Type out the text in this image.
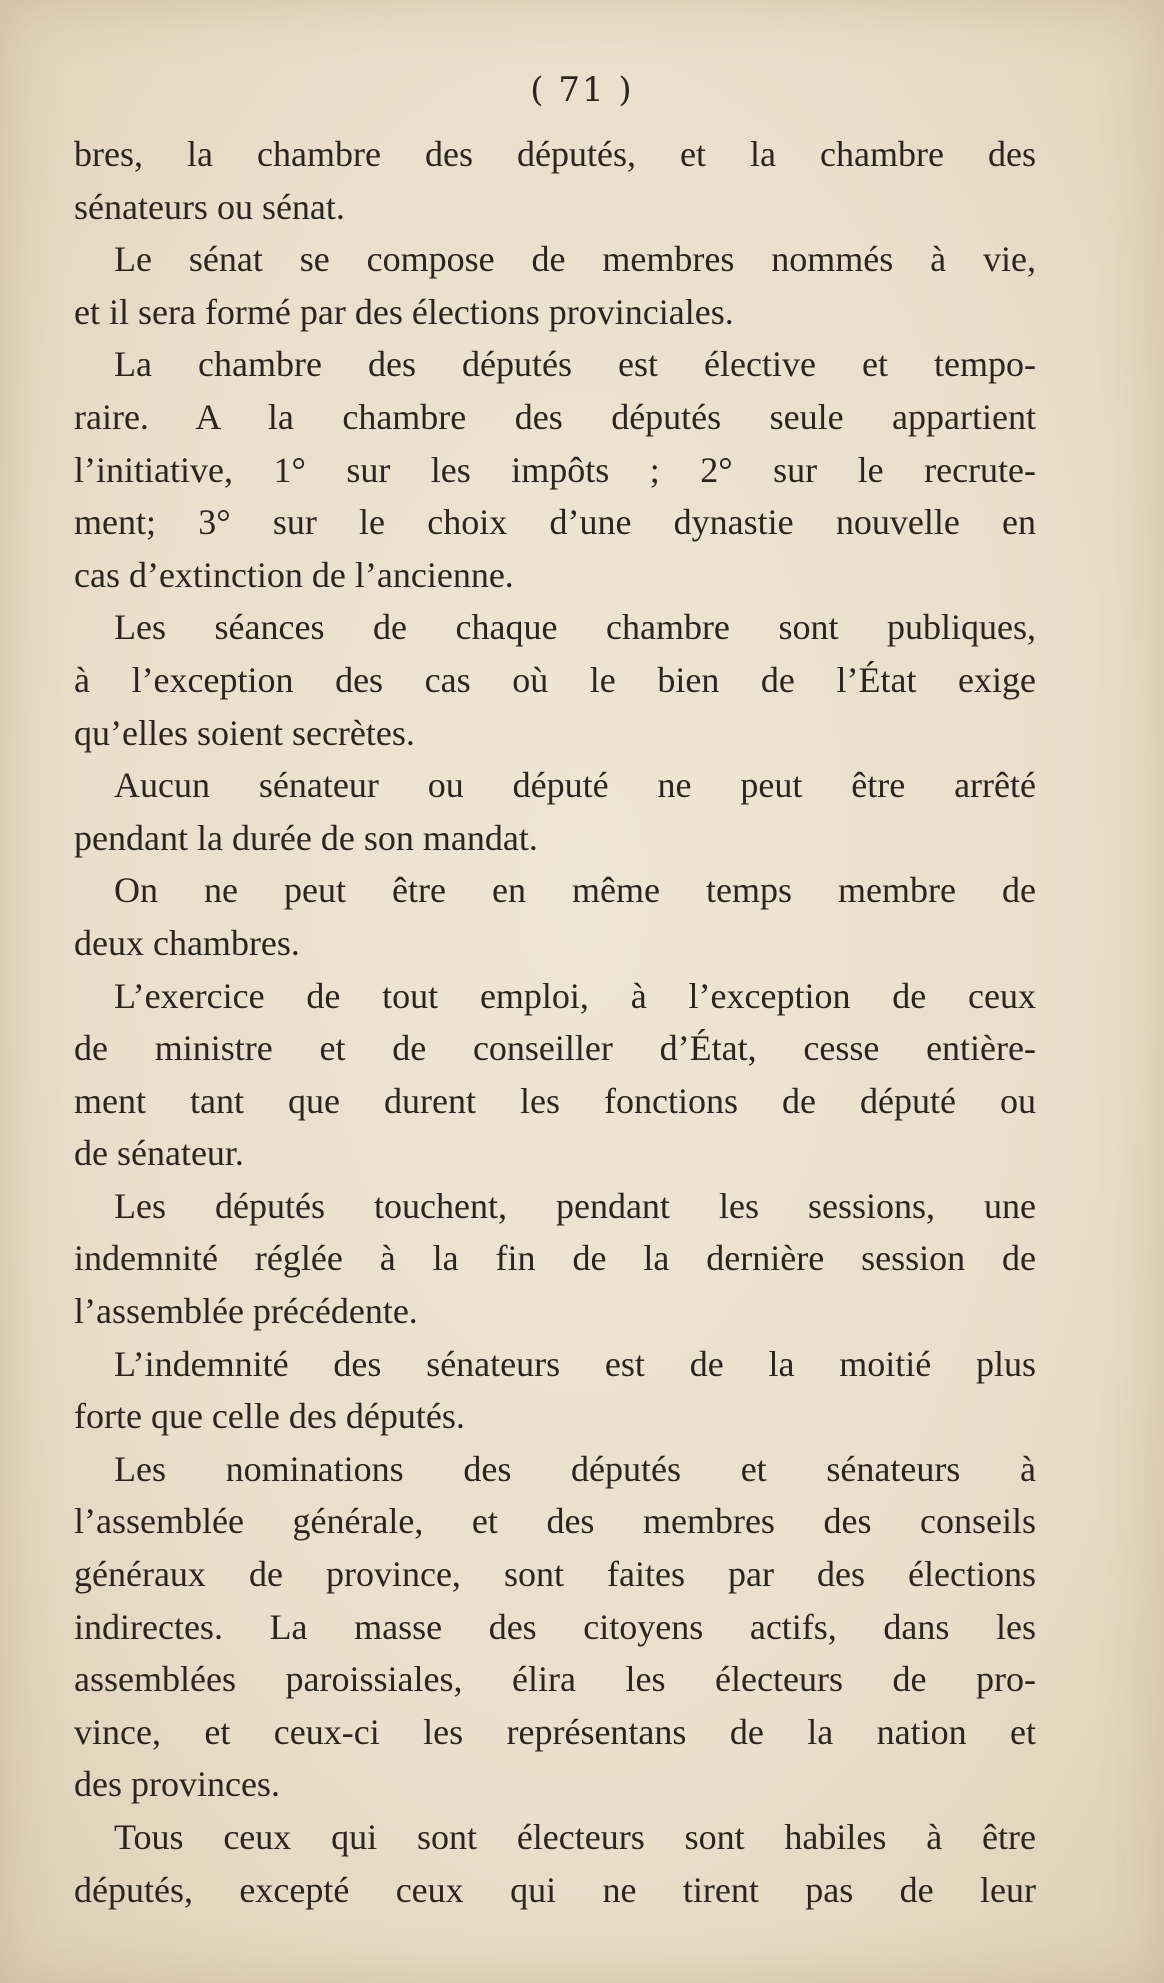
( 71 )
bres, la chambre des députés, et la chambre des
sénateurs ou sénat.
Le sénat se compose de membres nommés à vie,
et il sera formé par des élections provinciales.
La chambre des députés est élective et tempo-
raire. A la chambre des députés seule appartient
l’initiative, 1° sur les impôts ; 2° sur le recrute-
ment; 3° sur le choix d’une dynastie nouvelle en
cas d’extinction de l’ancienne.
Les séances de chaque chambre sont publiques,
à l’exception des cas où le bien de l’État exige
qu’elles soient secrètes.
Aucun sénateur ou député ne peut être arrêté
pendant la durée de son mandat.
On ne peut être en même temps membre de
deux chambres.
L’exercice de tout emploi, à l’exception de ceux
de ministre et de conseiller d’État, cesse entière-
ment tant que durent les fonctions de député ou
de sénateur.
Les députés touchent, pendant les sessions, une
indemnité réglée à la fin de la dernière session de
l’assemblée précédente.
L’indemnité des sénateurs est de la moitié plus
forte que celle des députés.
Les nominations des députés et sénateurs à
l’assemblée générale, et des membres des conseils
généraux de province, sont faites par des élections
indirectes. La masse des citoyens actifs, dans les
assemblées paroissiales, élira les électeurs de pro-
vince, et ceux-ci les représentans de la nation et
des provinces.
Tous ceux qui sont électeurs sont habiles à être
députés, excepté ceux qui ne tirent pas de leur
